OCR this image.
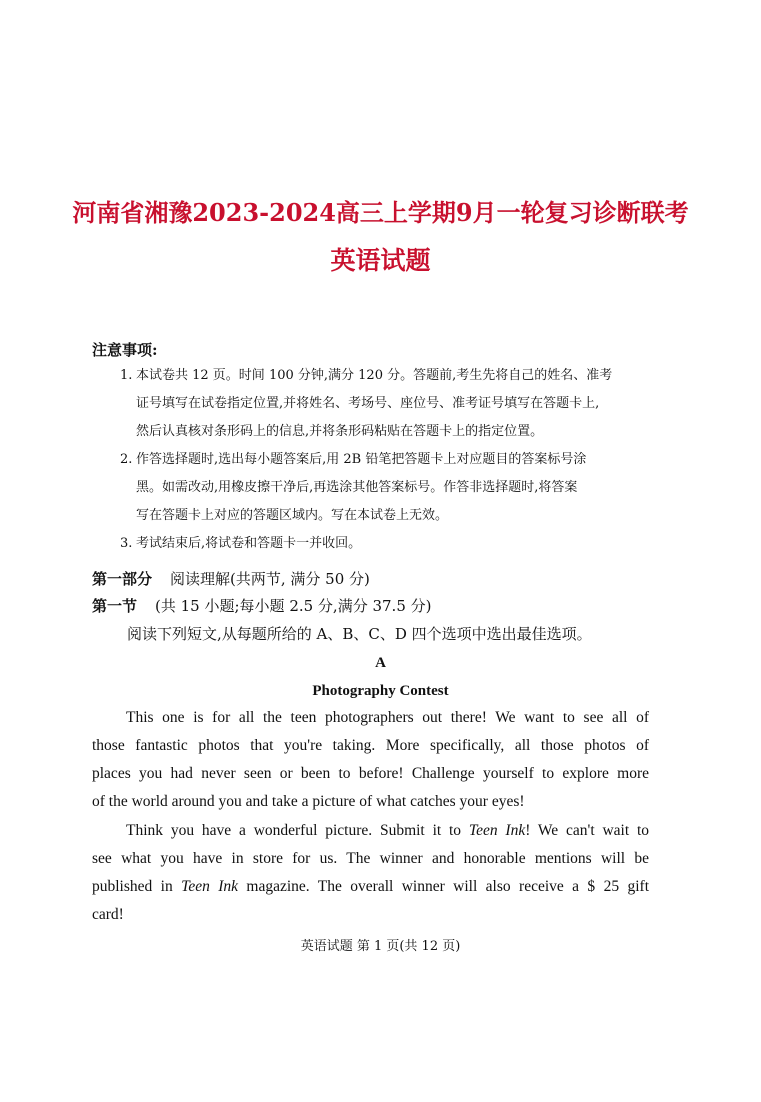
河南省湘豫2023-2024高三上学期9月一轮复习诊断联考
英语试题
注意事项:
1. 本试卷共 12 页。时间 100 分钟,满分 120 分。答题前,考生先将自己的姓名、准考
证号填写在试卷指定位置,并将姓名、考场号、座位号、准考证号填写在答题卡上,
然后认真核对条形码上的信息,并将条形码粘贴在答题卡上的指定位置。
2. 作答选择题时,选出每小题答案后,用 2B 铅笔把答题卡上对应题目的答案标号涂
黑。如需改动,用橡皮擦干净后,再选涂其他答案标号。作答非选择题时,将答案
写在答题卡上对应的答题区域内。写在本试卷上无效。
3. 考试结束后,将试卷和答题卡一并收回。
第一部分 阅读理解(共两节, 满分 50 分)
第一节 (共 15 小题;每小题 2.5 分,满分 37.5 分)
阅读下列短文,从每题所给的 A、B、C、D 四个选项中选出最佳选项。
A
Photography Contest
This one is for all the teen photographers out there! We want to see all of
those fantastic photos that you're taking. More specifically, all those photos of
places you had never seen or been to before! Challenge yourself to explore more
of the world around you and take a picture of what catches your eyes!
Think you have a wonderful picture. Submit it to Teen Ink! We can't wait to
see what you have in store for us. The winner and honorable mentions will be
published in Teen Ink magazine. The overall winner will also receive a $ 25 gift
card!
英语试题 第 1 页(共 12 页)
